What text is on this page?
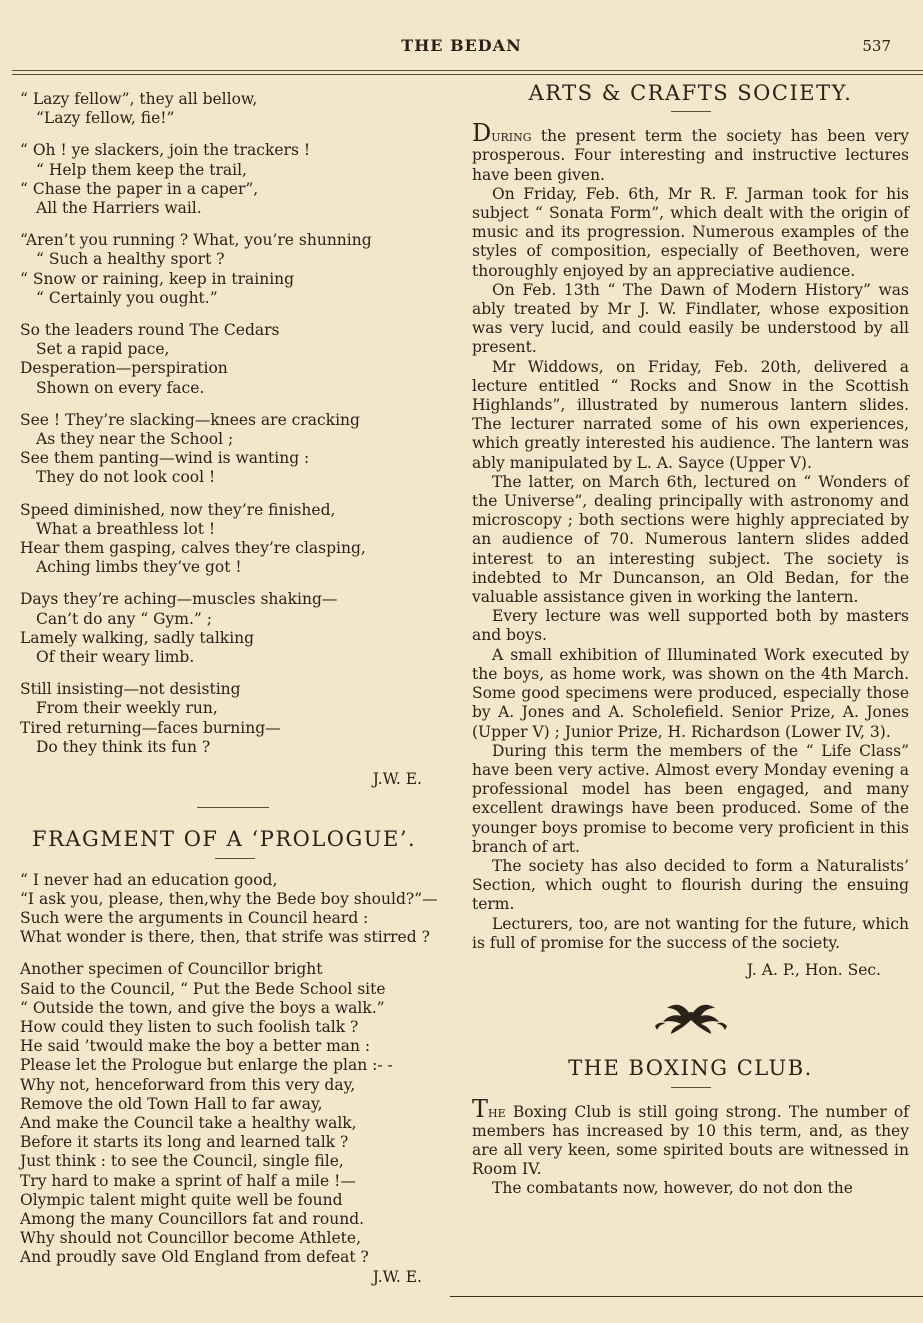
THE BEDAN	537
“ Lazy fellow”, they all bellow,
“Lazy fellow, fie!”
“ Oh ! ye slackers, join the trackers !
“ Help them keep the trail,
“ Chase the paper in a caper”,
All the Harriers wail.
“Aren’t you running ? What, you’re shunning
“ Such a healthy sport ?
“ Snow or raining, keep in training
“ Certainly you ought.”
So the leaders round The Cedars
Set a rapid pace,
Desperation—perspiration
Shown on every face.
See ! They’re slacking—knees are cracking
As they near the School ;
See them panting—wind is wanting :
They do not look cool !
Speed diminished, now they’re finished,
What a breathless lot !
Hear them gasping, calves they’re clasping,
Aching limbs they’ve got !
Days they’re aching—muscles shaking—
Can’t do any “ Gym.” ;
Lamely walking, sadly talking
Of their weary limb.
Still insisting—not desisting
From their weekly run,
Tired returning—faces burning—
Do they think its fun ?
J.W. E.
FRAGMENT OF A ‘PROLOGUE’.
“ I never had an education good,
“I ask you, please, then,why the Bede boy should?”—
Such were the arguments in Council heard :
What wonder is there, then, that strife was stirred ?
Another specimen of Councillor bright
Said to the Council, “ Put the Bede School site
“ Outside the town, and give the boys a walk.”
How could they listen to such foolish talk ?
He said ’twould make the boy a better man :
Please let the Prologue but enlarge the plan :- -
Why not, henceforward from this very day,
Remove the old Town Hall to far away,
And make the Council take a healthy walk,
Before it starts its long and learned talk ?
Just think : to see the Council, single file,
Try hard to make a sprint of half a mile !—
Olympic talent might quite well be found
Among the many Councillors fat and round.
Why should not Councillor become Athlete,
And proudly save Old England from defeat ?
J.W. E.
ARTS & CRAFTS SOCIETY.

During the present term the society has been very prosperous. Four interesting and instructive lectures have been given.

On Friday, Feb. 6th, Mr R. F. Jarman took for his subject “ Sonata Form”, which dealt with the origin of music and its progression. Numerous examples of the styles of composition, especially of Beethoven, were thoroughly enjoyed by an appreciative audience.

On Feb. 13th “ The Dawn of Modern History” was ably treated by Mr J. W. Findlater, whose exposition was very lucid, and could easily be understood by all present.

Mr Widdows, on Friday, Feb. 20th, delivered a lecture entitled “ Rocks and Snow in the Scottish Highlands”, illustrated by numerous lantern slides. The lecturer narrated some of his own experiences, which greatly interested his audience. The lantern was ably manipulated by L. A. Sayce (Upper V).

The latter, on March 6th, lectured on “ Wonders of the Universe”, dealing principally with astronomy and microscopy ; both sections were highly appreciated by an audience of 70. Numerous lantern slides added interest to an interesting subject. The society is indebted to Mr Duncanson, an Old Bedan, for the valuable assistance given in working the lantern.

Every lecture was well supported both by masters and boys.

A small exhibition of Illuminated Work executed by the boys, as home work, was shown on the 4th March. Some good specimens were produced, especially those by A. Jones and A. Scholefield. Senior Prize, A. Jones (Upper V) ; Junior Prize, H. Richardson (Lower IV, 3).

During this term the members of the “ Life Class” have been very active. Almost every Monday evening a professional model has been engaged, and many excellent drawings have been produced. Some of the younger boys promise to become very proficient in this branch of art.

The society has also decided to form a Naturalists’ Section, which ought to flourish during the ensuing term.

Lecturers, too, are not wanting for the future, which is full of promise for the success of the society.

J. A. P., Hon. Sec.
THE BOXING CLUB.

The Boxing Club is still going strong. The number of members has increased by 10 this term, and, as they are all very keen, some spirited bouts are witnessed in Room IV.

The combatants now, however, do not don the
